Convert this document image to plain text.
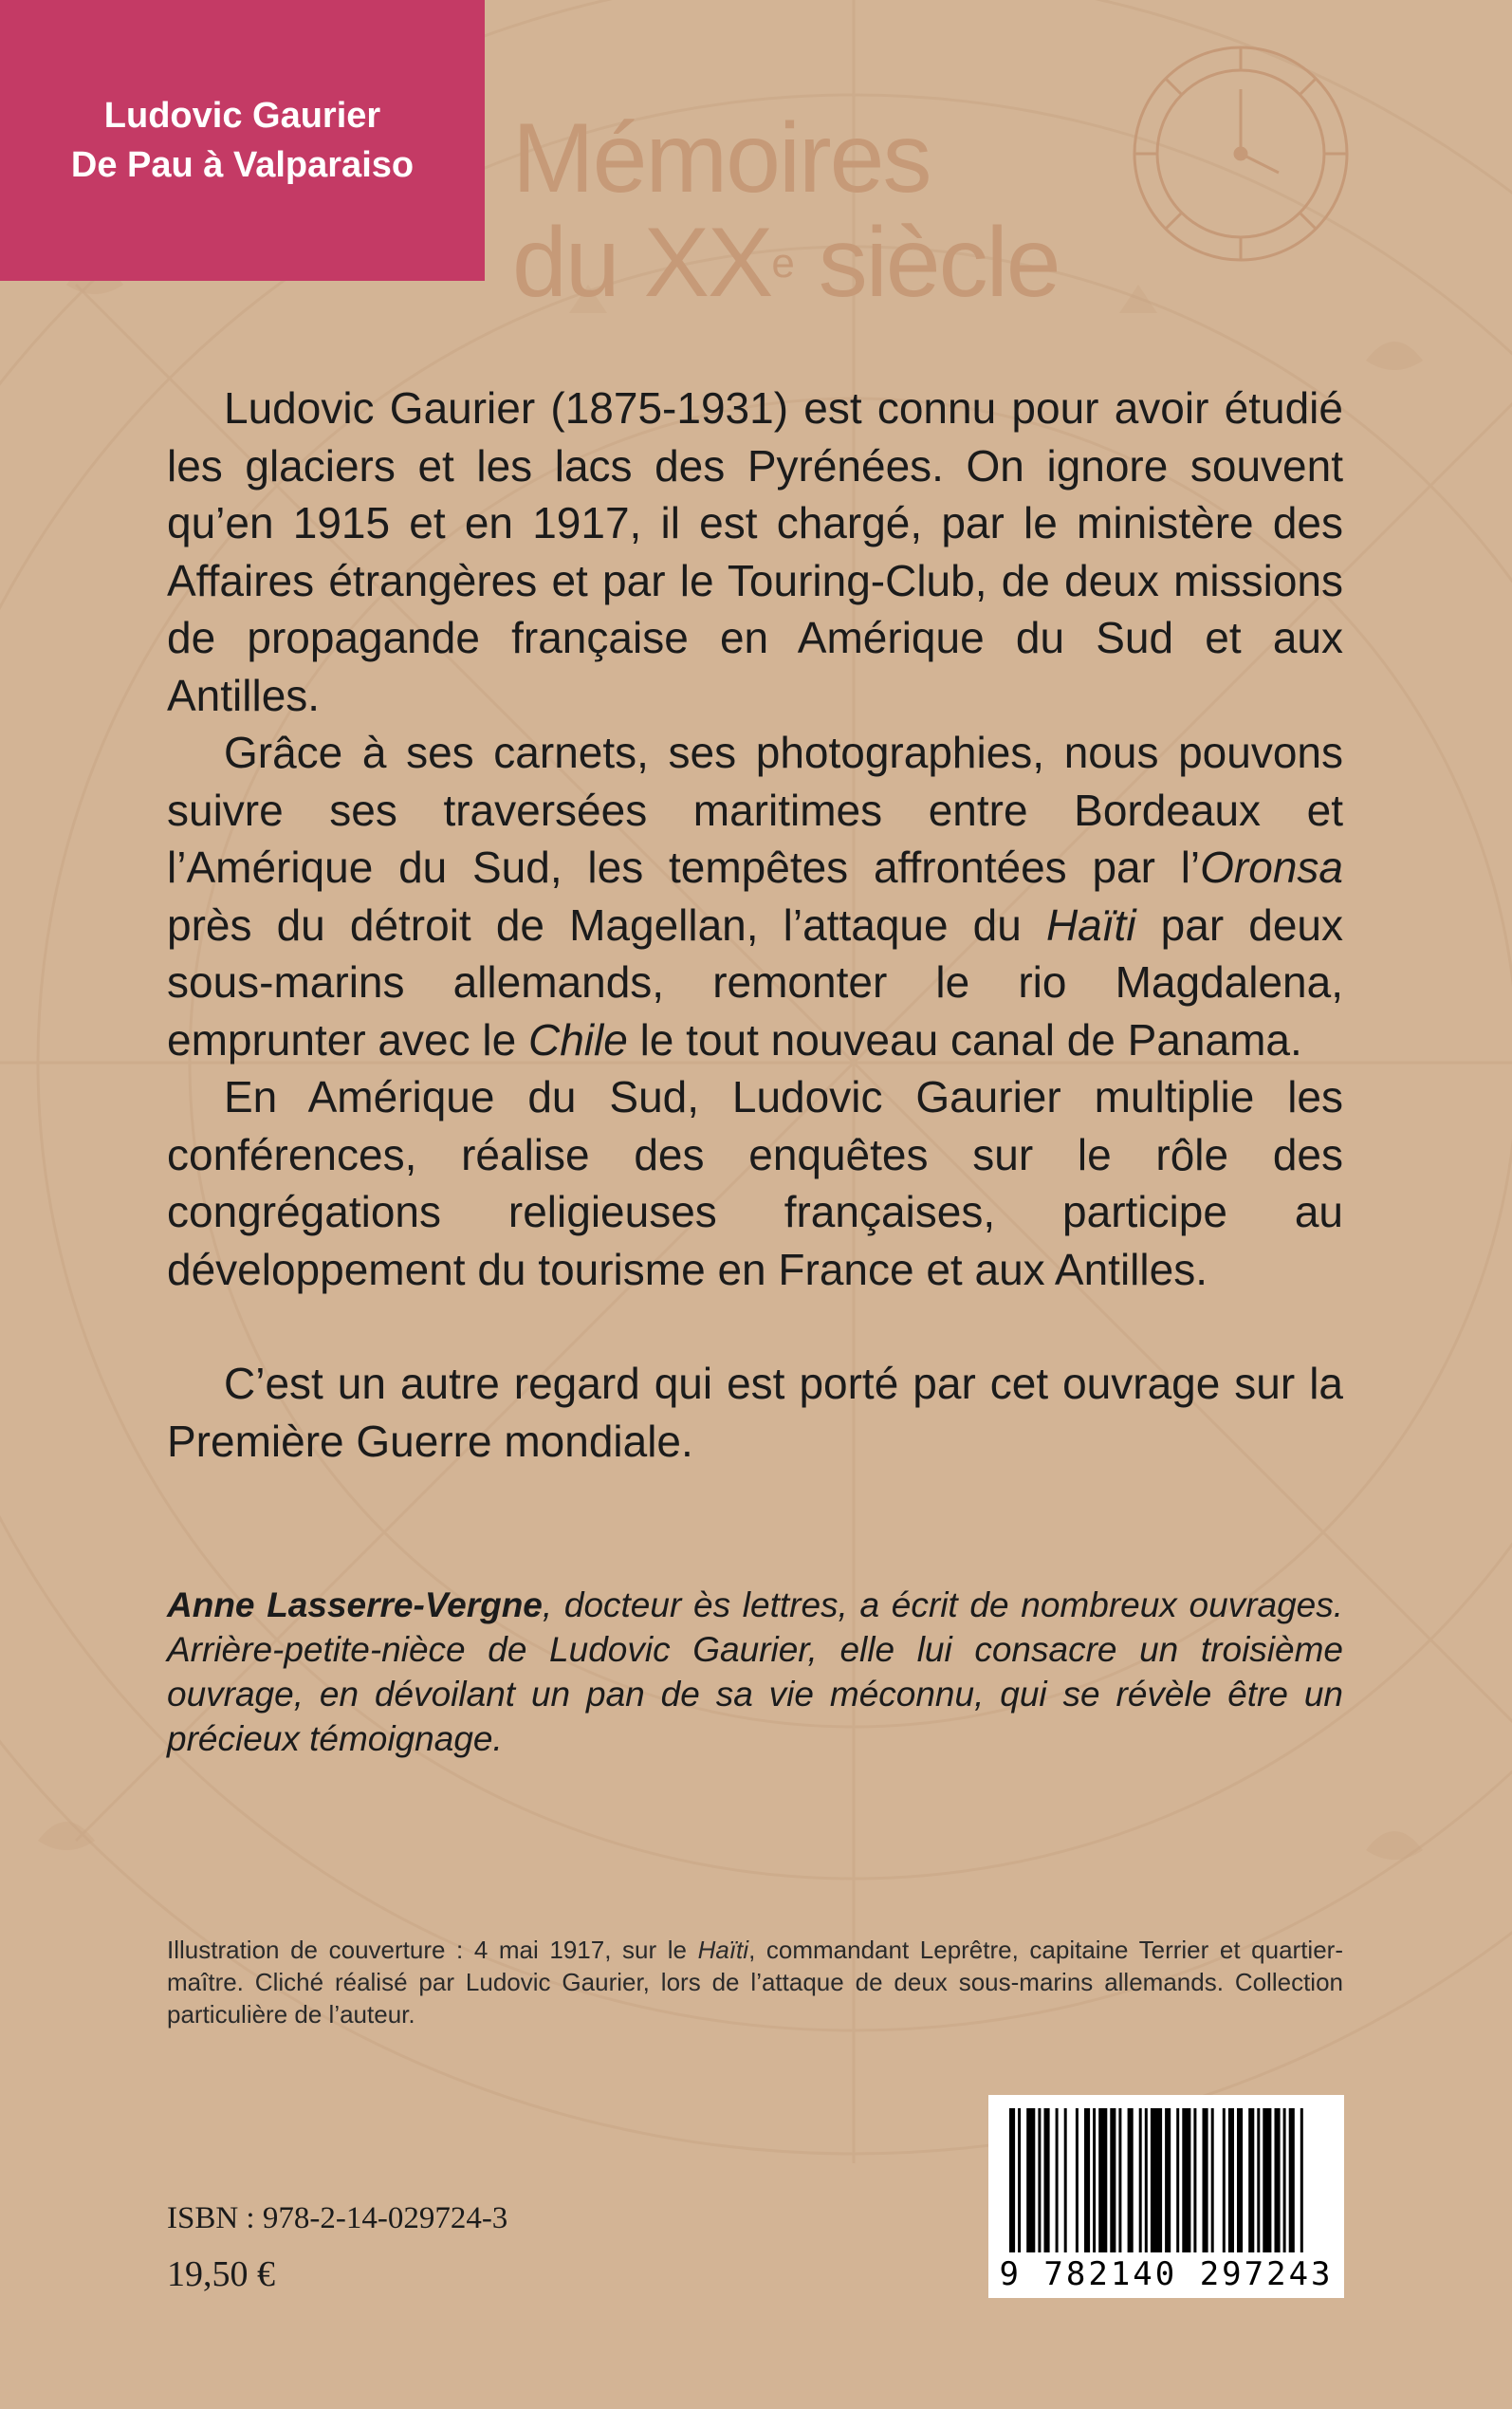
Ludovic Gaurier
De Pau à Valparaiso Mémoires
du XXe siècle

Ludovic Gaurier (1875-1931) est connu pour avoir étudié les glaciers et les lacs des Pyrénées. On ignore souvent qu’en 1915 et en 1917, il est chargé, par le ministère des Affaires étrangères et par le Touring-Club, de deux missions de propagande française en Amérique du Sud et aux Antilles.

Grâce à ses carnets, ses photographies, nous pouvons suivre ses traversées maritimes entre Bordeaux et l’Amérique du Sud, les tempêtes affrontées par l’Oronsa près du détroit de Magellan, l’attaque du Haïti par deux sous-marins allemands, remonter le rio Magdalena, emprunter avec le Chile le tout nouveau canal de Panama.

En Amérique du Sud, Ludovic Gaurier multiplie les conférences, réalise des enquêtes sur le rôle des congrégations religieuses françaises, participe au développement du tourisme en France et aux Antilles.

C’est un autre regard qui est porté par cet ouvrage sur la Première Guerre mondiale.

Anne Lasserre-Vergne, docteur ès lettres, a écrit de nombreux ouvrages. Arrière-petite-nièce de Ludovic Gaurier, elle lui consacre un troisième ouvrage, en dévoilant un pan de sa vie méconnu, qui se révèle être un précieux témoignage.
Illustration de couverture : 4 mai 1917, sur le Haïti, commandant Leprêtre, capitaine Terrier et quartier-maître. Cliché réalisé par Ludovic Gaurier, lors de l’attaque de deux sous-marins allemands. Collection particulière de l’auteur.
ISBN : 978-2-14-029724-3
19,50 €	9 782140 297243
